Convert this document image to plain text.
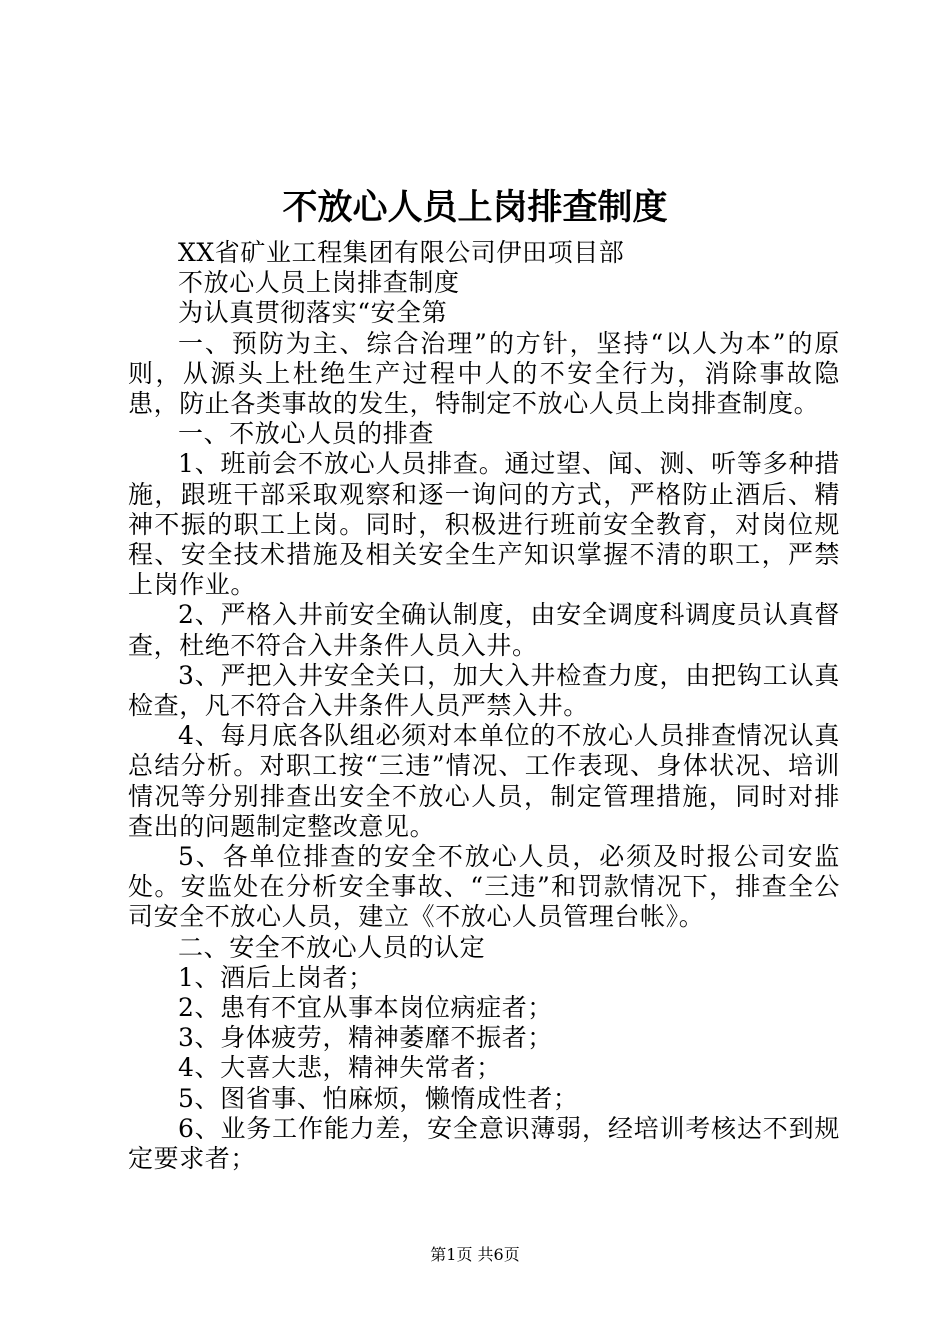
不放心人员上岗排查制度

XX省矿业工程集团有限公司伊田项目部

不放心人员上岗排查制度

为认真贯彻落实“安全第

一、预防为主、综合治理”的方针，坚持“以人为本”的原则，从源头上杜绝生产过程中人的不安全行为，消除事故隐患，防止各类事故的发生，特制定不放心人员上岗排查制度。

一、不放心人员的排查

1、班前会不放心人员排查。通过望、闻、测、听等多种措施，跟班干部采取观察和逐一询问的方式，严格防止酒后、精神不振的职工上岗。同时，积极进行班前安全教育，对岗位规程、安全技术措施及相关安全生产知识掌握不清的职工，严禁上岗作业。

2、严格入井前安全确认制度，由安全调度科调度员认真督查，杜绝不符合入井条件人员入井。

3、严把入井安全关口，加大入井检查力度，由把钩工认真检查，凡不符合入井条件人员严禁入井。

4、每月底各队组必须对本单位的不放心人员排查情况认真总结分析。对职工按“三违”情况、工作表现、身体状况、培训情况等分别排查出安全不放心人员，制定管理措施，同时对排查出的问题制定整改意见。

5、各单位排查的安全不放心人员，必须及时报公司安监处。安监处在分析安全事故、“三违”和罚款情况下，排查全公司安全不放心人员，建立《不放心人员管理台帐》。

二、安全不放心人员的认定

1、酒后上岗者；

2、患有不宜从事本岗位病症者；

3、身体疲劳，精神萎靡不振者；

4、大喜大悲，精神失常者；

5、图省事、怕麻烦，懒惰成性者；

6、业务工作能力差，安全意识薄弱，经培训考核达不到规定要求者；

第1页 共6页
